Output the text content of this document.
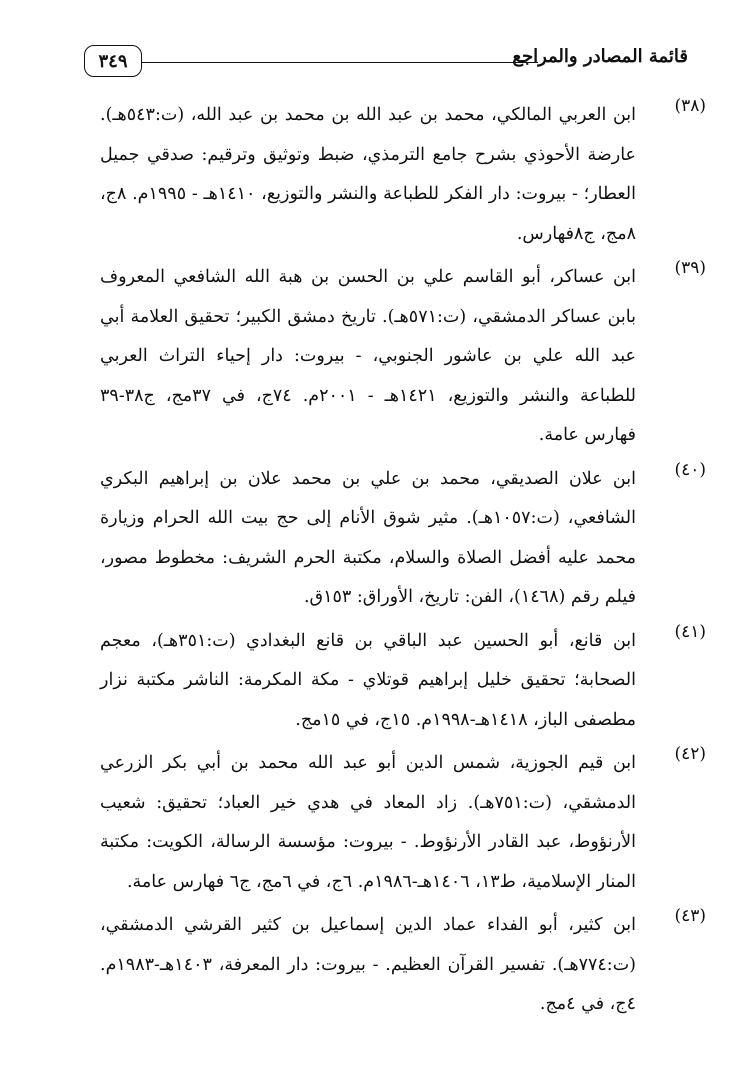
قائمة المصادر والمراجع
٣٤٩
(٣٨)
ابن العربي المالكي، محمد بن عبد الله بن محمد بن عبد الله، (ت:٥٤٣هـ). عارضة الأحوذي بشرح جامع الترمذي، ضبط وتوثيق وترقيم: صدقي جميل العطار؛ - بيروت: دار الفكر للطباعة والنشر والتوزيع، ١٤١٠هـ - ١٩٩٥م. ٨ج، ٨مج، ج٨فهارس.
(٣٩)
ابن عساكر، أبو القاسم علي بن الحسن بن هبة الله الشافعي المعروف بابن عساكر الدمشقي، (ت:٥٧١هـ). تاريخ دمشق الكبير؛ تحقيق العلامة أبي عبد الله علي بن عاشور الجنوبي، - بيروت: دار إحياء التراث العربي للطباعة والنشر والتوزيع، ١٤٢١هـ - ٢٠٠١م. ٧٤ج، في ٣٧مج، ج٣٨-٣٩ فهارس عامة.
(٤٠)
ابن علان الصديقي، محمد بن علي بن محمد علان بن إبراهيم البكري الشافعي، (ت:١٠٥٧هـ). مثير شوق الأنام إلى حج بيت الله الحرام وزيارة محمد عليه أفضل الصلاة والسلام، مكتبة الحرم الشريف: مخطوط مصور، فيلم رقم (١٤٦٨)، الفن: تاريخ، الأوراق: ١٥٣ق.
(٤١)
ابن قانع، أبو الحسين عبد الباقي بن قانع البغدادي (ت:٣٥١هـ)، معجم الصحابة؛ تحقيق خليل إبراهيم قوتلاي - مكة المكرمة: الناشر مكتبة نزار مطصفى الباز، ١٤١٨هـ-١٩٩٨م. ١٥ج، في ١٥مج.
(٤٢)
ابن قيم الجوزية، شمس الدين أبو عبد الله محمد بن أبي بكر الزرعي الدمشقي، (ت:٧٥١هـ). زاد المعاد في هدي خير العباد؛ تحقيق: شعيب الأرنؤوط، عبد القادر الأرنؤوط. - بيروت: مؤسسة الرسالة، الكويت: مكتبة المنار الإسلامية، ط١٣، ١٤٠٦هـ-١٩٨٦م. ٦ج، في ٦مج، ج٦ فهارس عامة.
(٤٣)
ابن كثير، أبو الفداء عماد الدين إسماعيل بن كثير القرشي الدمشقي، (ت:٧٧٤هـ). تفسير القرآن العظيم. - بيروت: دار المعرفة، ١٤٠٣هـ-١٩٨٣م. ٤ج، في ٤مج.
